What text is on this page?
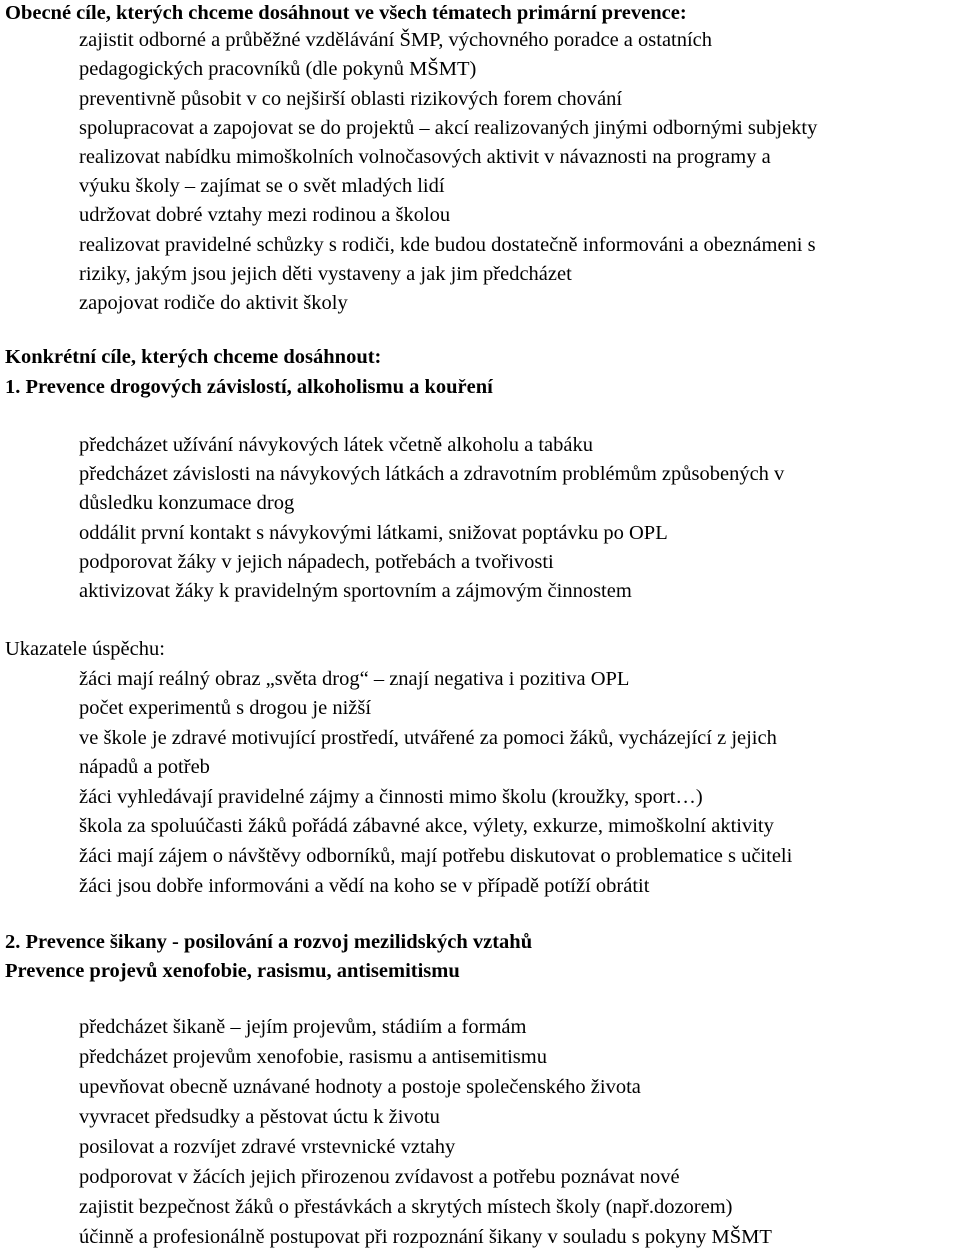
Obecné cíle, kterých chceme dosáhnout ve všech tématech primární prevence:
zajistit odborné a průběžné vzdělávání ŠMP, výchovného poradce a ostatních
pedagogických pracovníků (dle pokynů MŠMT)
preventivně působit v co nejširší oblasti rizikových forem chování
spolupracovat a zapojovat se do projektů – akcí realizovaných jinými odbornými subjekty
realizovat nabídku mimoškolních volnočasových aktivit v návaznosti na programy a
výuku školy – zajímat se o svět mladých lidí
udržovat dobré vztahy mezi rodinou a školou
realizovat pravidelné schůzky s rodiči, kde budou dostatečně informováni a obeznámeni s
riziky, jakým jsou jejich děti vystaveny a jak jim předcházet
zapojovat rodiče do aktivit školy
Konkrétní cíle, kterých chceme dosáhnout:
1. Prevence drogových závislostí, alkoholismu a kouření
předcházet užívání návykových látek včetně alkoholu a tabáku
předcházet závislosti na návykových látkách a zdravotním problémům způsobených v
důsledku konzumace drog
oddálit první kontakt s návykovými látkami, snižovat poptávku po OPL
podporovat žáky v jejich nápadech, potřebách a tvořivosti
aktivizovat žáky k pravidelným sportovním a zájmovým činnostem
Ukazatele úspěchu:
žáci mají reálný obraz „světa drog“ – znají negativa i pozitiva OPL
počet experimentů s drogou je nižší
ve škole je zdravé motivující prostředí, utvářené za pomoci žáků, vycházející z jejich
nápadů a potřeb
žáci vyhledávají pravidelné zájmy a činnosti mimo školu (kroužky, sport…)
škola za spoluúčasti žáků pořádá zábavné akce, výlety, exkurze, mimoškolní aktivity
žáci mají zájem o návštěvy odborníků, mají potřebu diskutovat o problematice s učiteli
žáci jsou dobře informováni a vědí na koho se v případě potíží obrátit
2. Prevence šikany - posilování a rozvoj mezilidských vztahů
Prevence projevů xenofobie, rasismu, antisemitismu
předcházet šikaně – jejím projevům, stádiím a formám
předcházet projevům xenofobie, rasismu a antisemitismu
upevňovat obecně uznávané hodnoty a postoje společenského života
vyvracet předsudky a pěstovat úctu k životu
posilovat a rozvíjet zdravé vrstevnické vztahy
podporovat v žácích jejich přirozenou zvídavost a potřebu poznávat nové
zajistit bezpečnost žáků o přestávkách a skrytých místech školy (např.dozorem)
účinně a profesionálně postupovat při rozpoznání šikany v souladu s pokyny MŠMT
